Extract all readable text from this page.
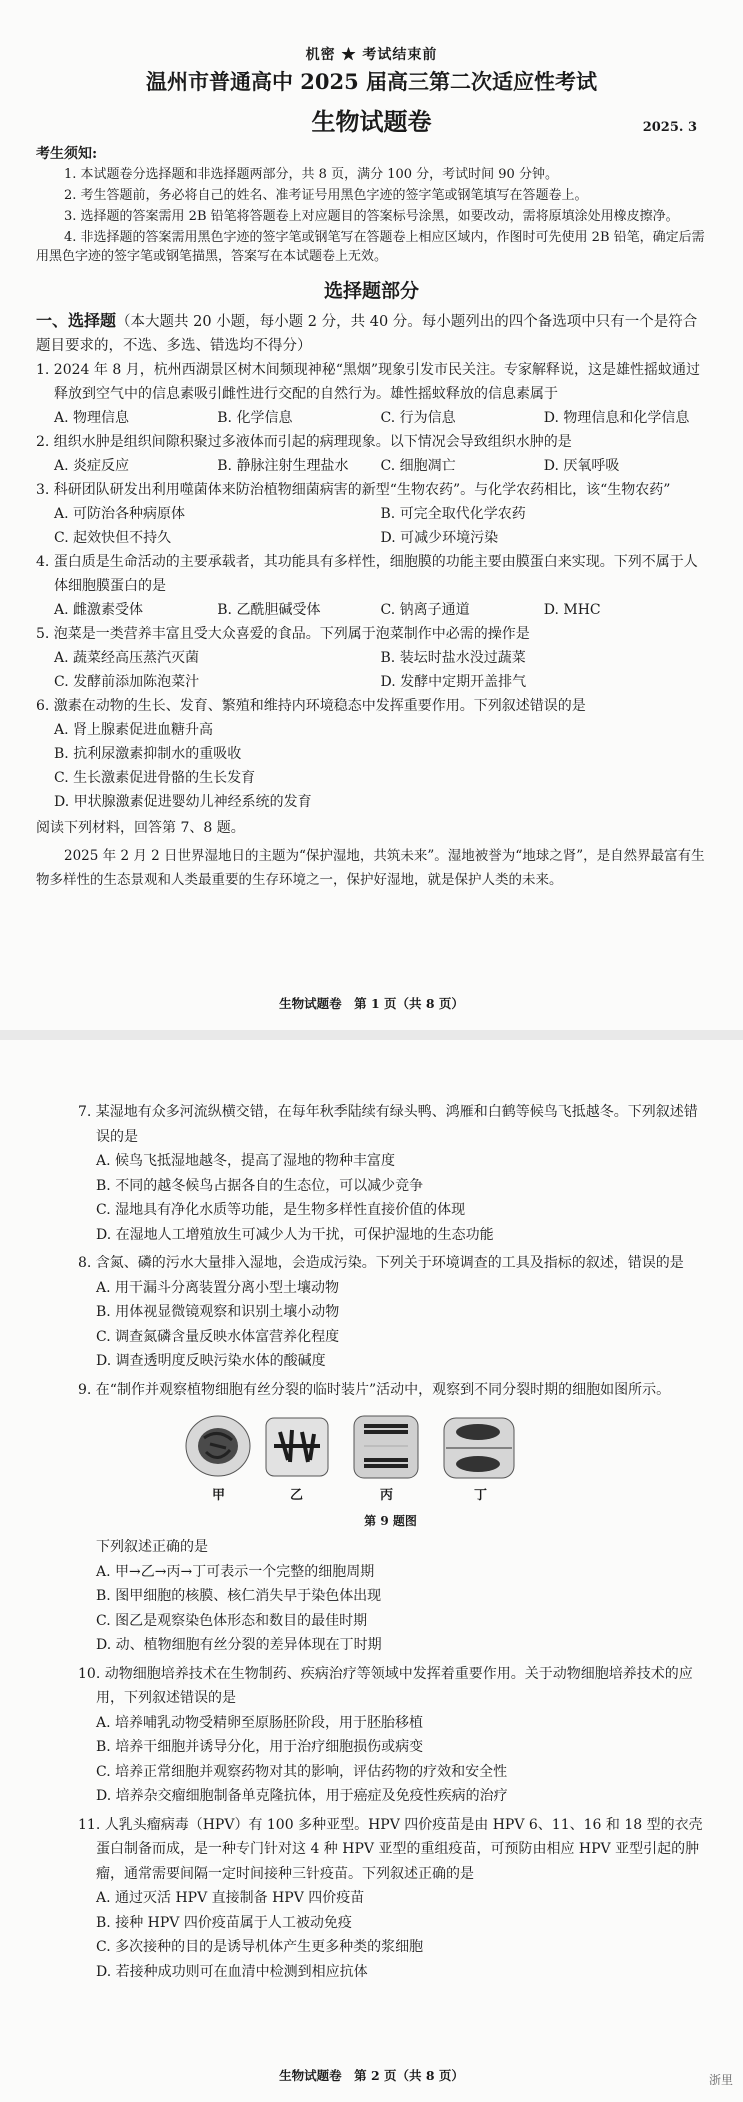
机密 ★ 考试结束前
温州市普通高中 2025 届高三第二次适应性考试
生物试题卷	2025. 3
考生须知:

1. 本试题卷分选择题和非选择题两部分，共 8 页，满分 100 分，考试时间 90 分钟。

2. 考生答题前，务必将自己的姓名、准考证号用黑色字迹的签字笔或钢笔填写在答题卷上。

3. 选择题的答案需用 2B 铅笔将答题卷上对应题目的答案标号涂黑，如要改动，需将原填涂处用橡皮擦净。

4. 非选择题的答案需用黑色字迹的签字笔或钢笔写在答题卷上相应区域内，作图时可先使用 2B 铅笔，确定后需用黑色字迹的签字笔或钢笔描黑，答案写在本试题卷上无效。

选择题部分

一、选择题（本大题共 20 小题，每小题 2 分，共 40 分。每小题列出的四个备选项中只有一个是符合题目要求的，不选、多选、错选均不得分）

1. 2024 年 8 月，杭州西湖景区树木间频现神秘“黑烟”现象引发市民关注。专家解释说，这是雄性摇蚊通过释放到空气中的信息素吸引雌性进行交配的自然行为。雄性摇蚊释放的信息素属于
A. 物理信息	B. 化学信息	C. 行为信息	D. 物理信息和化学信息
2. 组织水肿是组织间隙积聚过多液体而引起的病理现象。以下情况会导致组织水肿的是
A. 炎症反应	B. 静脉注射生理盐水	C. 细胞凋亡	D. 厌氧呼吸
3. 科研团队研发出利用噬菌体来防治植物细菌病害的新型“生物农药”。与化学农药相比，该“生物农药”
A. 可防治各种病原体	B. 可完全取代化学农药
C. 起效快但不持久	D. 可减少环境污染
4. 蛋白质是生命活动的主要承载者，其功能具有多样性，细胞膜的功能主要由膜蛋白来实现。下列不属于人体细胞膜蛋白的是
A. 雌激素受体	B. 乙酰胆碱受体	C. 钠离子通道	D. MHC
5. 泡菜是一类营养丰富且受大众喜爱的食品。下列属于泡菜制作中必需的操作是
A. 蔬菜经高压蒸汽灭菌	B. 装坛时盐水没过蔬菜
C. 发酵前添加陈泡菜汁	D. 发酵中定期开盖排气
6. 激素在动物的生长、发育、繁殖和维持内环境稳态中发挥重要作用。下列叙述错误的是
A. 肾上腺素促进血糖升高
B. 抗利尿激素抑制水的重吸收
C. 生长激素促进骨骼的生长发育
D. 甲状腺激素促进婴幼儿神经系统的发育

阅读下列材料，回答第 7、8 题。

2025 年 2 月 2 日世界湿地日的主题为“保护湿地，共筑未来”。湿地被誉为“地球之肾”，是自然界最富有生物多样性的生态景观和人类最重要的生存环境之一，保护好湿地，就是保护人类的未来。

生物试题卷　第 1 页（共 8 页）
7. 某湿地有众多河流纵横交错，在每年秋季陆续有绿头鸭、鸿雁和白鹤等候鸟飞抵越冬。下列叙述错误的是
A. 候鸟飞抵湿地越冬，提高了湿地的物种丰富度
B. 不同的越冬候鸟占据各自的生态位，可以减少竞争
C. 湿地具有净化水质等功能，是生物多样性直接价值的体现
D. 在湿地人工增殖放生可减少人为干扰，可保护湿地的生态功能
8. 含氮、磷的污水大量排入湿地，会造成污染。下列关于环境调查的工具及指标的叙述，错误的是
A. 用干漏斗分离装置分离小型土壤动物
B. 用体视显微镜观察和识别土壤小动物
C. 调查氮磷含量反映水体富营养化程度
D. 调查透明度反映污染水体的酸碱度
9. 在“制作并观察植物细胞有丝分裂的临时装片”活动中，观察到不同分裂时期的细胞如图所示。
甲	乙	丙	丁
第 9 题图
下列叙述正确的是
A. 甲→乙→丙→丁可表示一个完整的细胞周期
B. 图甲细胞的核膜、核仁消失早于染色体出现
C. 图乙是观察染色体形态和数目的最佳时期
D. 动、植物细胞有丝分裂的差异体现在丁时期
10. 动物细胞培养技术在生物制药、疾病治疗等领域中发挥着重要作用。关于动物细胞培养技术的应用，下列叙述错误的是
A. 培养哺乳动物受精卵至原肠胚阶段，用于胚胎移植
B. 培养干细胞并诱导分化，用于治疗细胞损伤或病变
C. 培养正常细胞并观察药物对其的影响，评估药物的疗效和安全性
D. 培养杂交瘤细胞制备单克隆抗体，用于癌症及免疫性疾病的治疗
11. 人乳头瘤病毒（HPV）有 100 多种亚型。HPV 四价疫苗是由 HPV 6、11、16 和 18 型的衣壳蛋白制备而成，是一种专门针对这 4 种 HPV 亚型的重组疫苗，可预防由相应 HPV 亚型引起的肿瘤，通常需要间隔一定时间接种三针疫苗。下列叙述正确的是
A. 通过灭活 HPV 直接制备 HPV 四价疫苗
B. 接种 HPV 四价疫苗属于人工被动免疫
C. 多次接种的目的是诱导机体产生更多种类的浆细胞
D. 若接种成功则可在血清中检测到相应抗体
生物试题卷　第 2 页（共 8 页）	浙里
